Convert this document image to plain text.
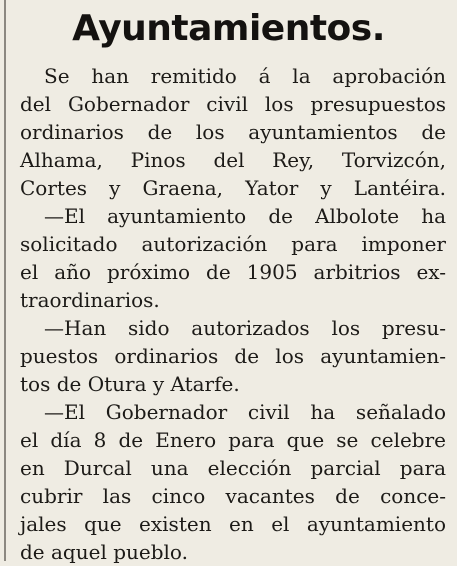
Ayuntamientos.
Se han remitido á la aprobación
del Gobernador civil los presupuestos
ordinarios de los ayuntamientos de
Alhama, Pinos del Rey, Torvizcón,
Cortes y Graena, Yator y Lantéira.
—El ayuntamiento de Albolote ha
solicitado autorización para imponer
el año próximo de 1905 arbitrios ex-
traordinarios.
—Han sido autorizados los presu-
puestos ordinarios de los ayuntamien-
tos de Otura y Atarfe.
—El Gobernador civil ha señalado
el día 8 de Enero para que se celebre
en Durcal una elección parcial para
cubrir las cinco vacantes de conce-
jales que existen en el ayuntamiento
de aquel pueblo.
